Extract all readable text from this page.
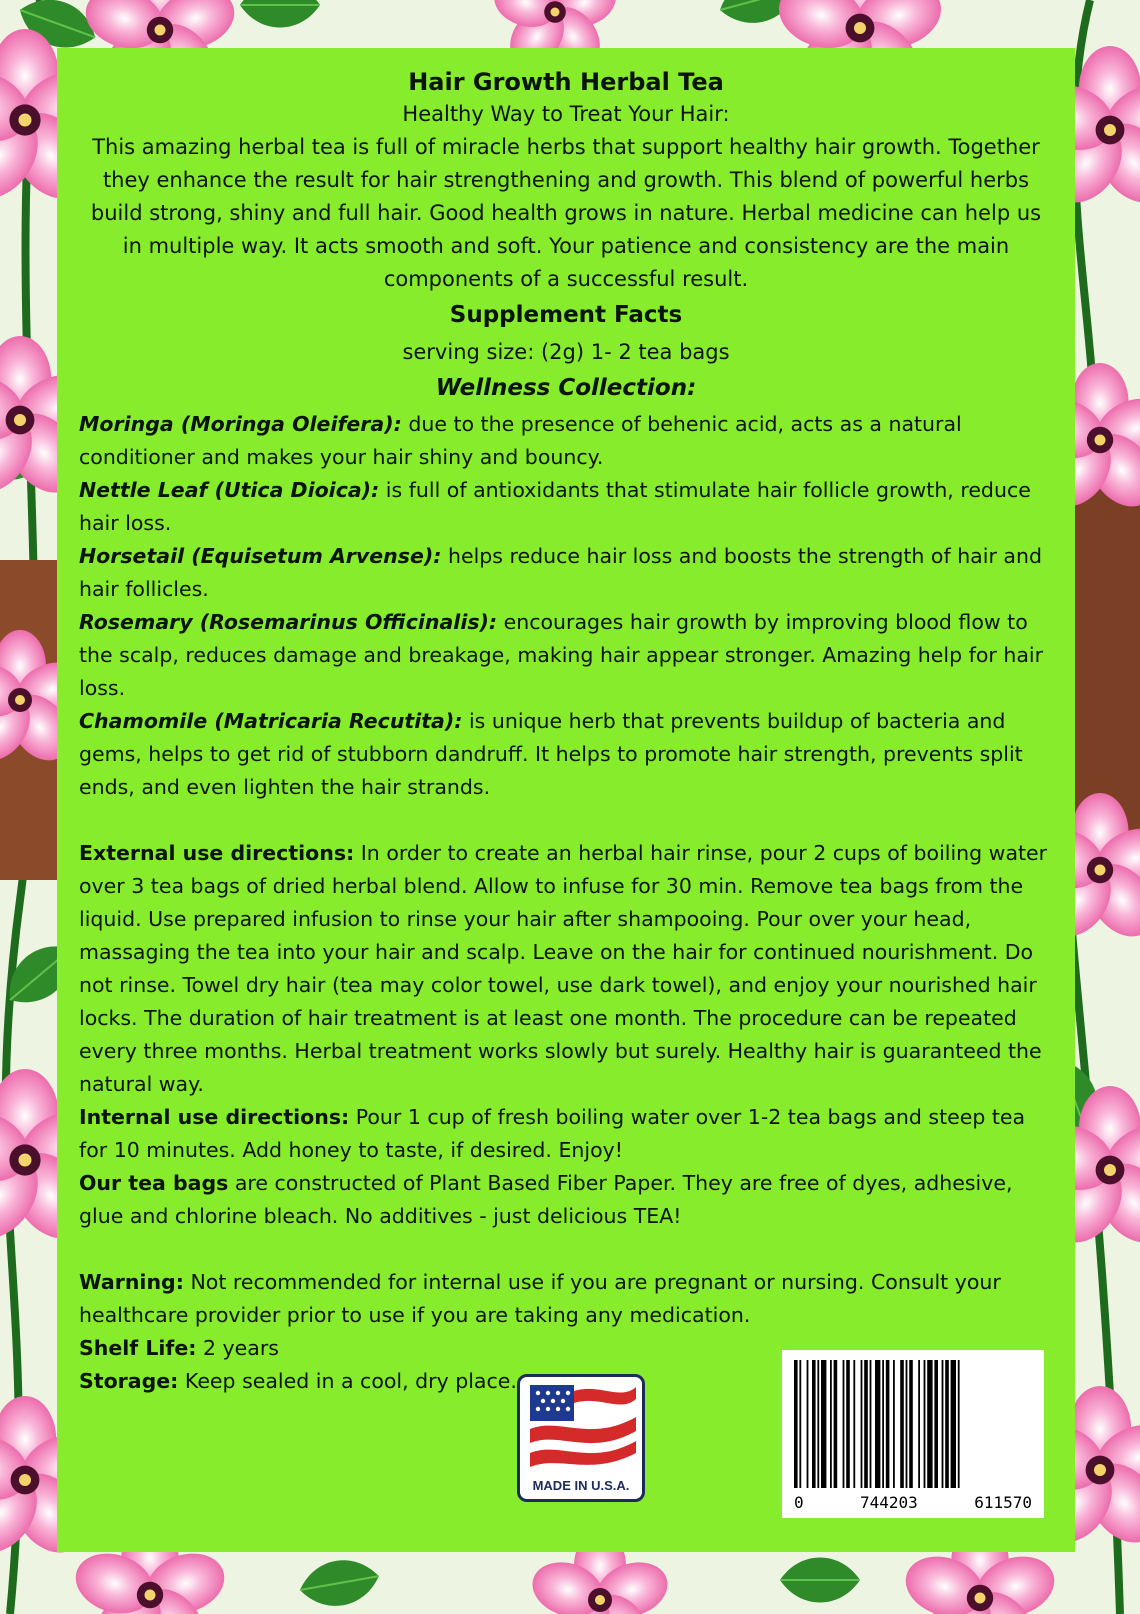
Hair Growth Herbal Tea
Healthy Way to Treat Your Hair:
This amazing herbal tea is full of miracle herbs that support healthy hair growth. Together they enhance the result for hair strengthening and growth. This blend of powerful herbs build strong, shiny and full hair. Good health grows in nature. Herbal medicine can help us in multiple way. It acts smooth and soft. Your patience and consistency are the main components of a successful result.
Supplement Facts
serving size: (2g) 1- 2 tea bags
Wellness Collection:

Moringa (Moringa Oleifera): due to the presence of behenic acid, acts as a natural conditioner and makes your hair shiny and bouncy.

Nettle Leaf (Utica Dioica): is full of antioxidants that stimulate hair follicle growth, reduce hair loss.

Horsetail (Equisetum Arvense): helps reduce hair loss and boosts the strength of hair and hair follicles.

Rosemary (Rosemarinus Officinalis): encourages hair growth by improving blood flow to the scalp, reduces damage and breakage, making hair appear stronger. Amazing help for hair loss.

Chamomile (Matricaria Recutita): is unique herb that prevents buildup of bacteria and gems, helps to get rid of stubborn dandruff. It helps to promote hair strength, prevents split ends, and even lighten the hair strands.

External use directions: In order to create an herbal hair rinse, pour 2 cups of boiling water over 3 tea bags of dried herbal blend. Allow to infuse for 30 min. Remove tea bags from the liquid. Use prepared infusion to rinse your hair after shampooing. Pour over your head, massaging the tea into your hair and scalp. Leave on the hair for continued nourishment. Do not rinse. Towel dry hair (tea may color towel, use dark towel), and enjoy your nourished hair locks. The duration of hair treatment is at least one month. The procedure can be repeated every three months. Herbal treatment works slowly but surely. Healthy hair is guaranteed the natural way.

Internal use directions: Pour 1 cup of fresh boiling water over 1-2 tea bags and steep tea for 10 minutes. Add honey to taste, if desired. Enjoy!

Our tea bags are constructed of Plant Based Fiber Paper. They are free of dyes, adhesive, glue and chlorine bleach. No additives - just delicious TEA!

Warning: Not recommended for internal use if you are pregnant or nursing. Consult your healthcare provider prior to use if you are taking any medication.

Shelf Life: 2 years

Storage: Keep sealed in a cool, dry place.

MADE IN U.S.A.
0	744203	611570
